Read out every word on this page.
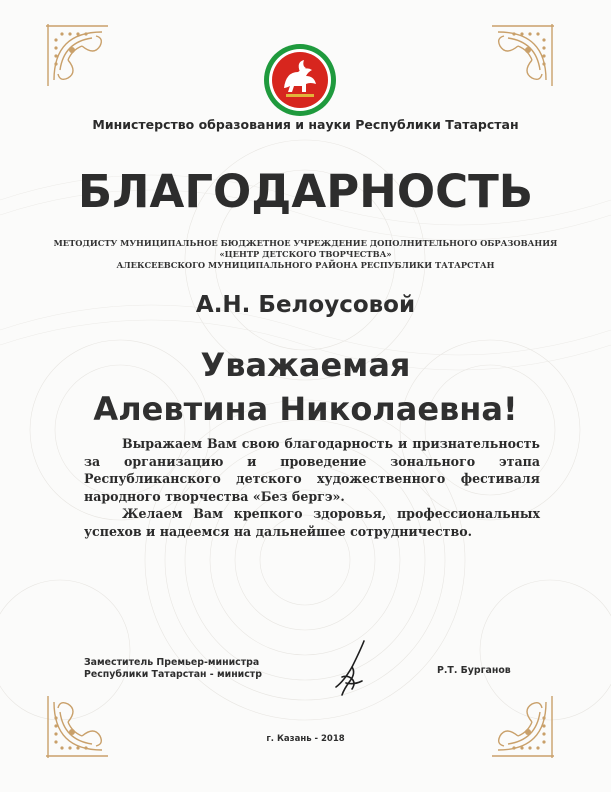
Министерство образования и науки Республики Татарстан
БЛАГОДАРНОСТЬ
МЕТОДИСТУ МУНИЦИПАЛЬНОЕ БЮДЖЕТНОЕ УЧРЕЖДЕНИЕ ДОПОЛНИТЕЛЬНОГО ОБРАЗОВАНИЯ
«ЦЕНТР ДЕТСКОГО ТВОРЧЕСТВА»
АЛЕКСЕЕВСКОГО МУНИЦИПАЛЬНОГО РАЙОНА РЕСПУБЛИКИ ТАТАРСТАН
А.Н. Белоусовой
Уважаемая
Алевтина Николаевна!

Выражаем Вам свою благодарность и признательность за организацию и проведение зонального этапа Республиканского детского художественного фестиваля народного творчества «Без бергэ».

Желаем Вам крепкого здоровья, профессиональных успехов и надеемся на дальнейшее сотрудничество.

Заместитель Премьер-министра
Республики Татарстан - министр	Р.Т. Бурганов
г. Казань - 2018
